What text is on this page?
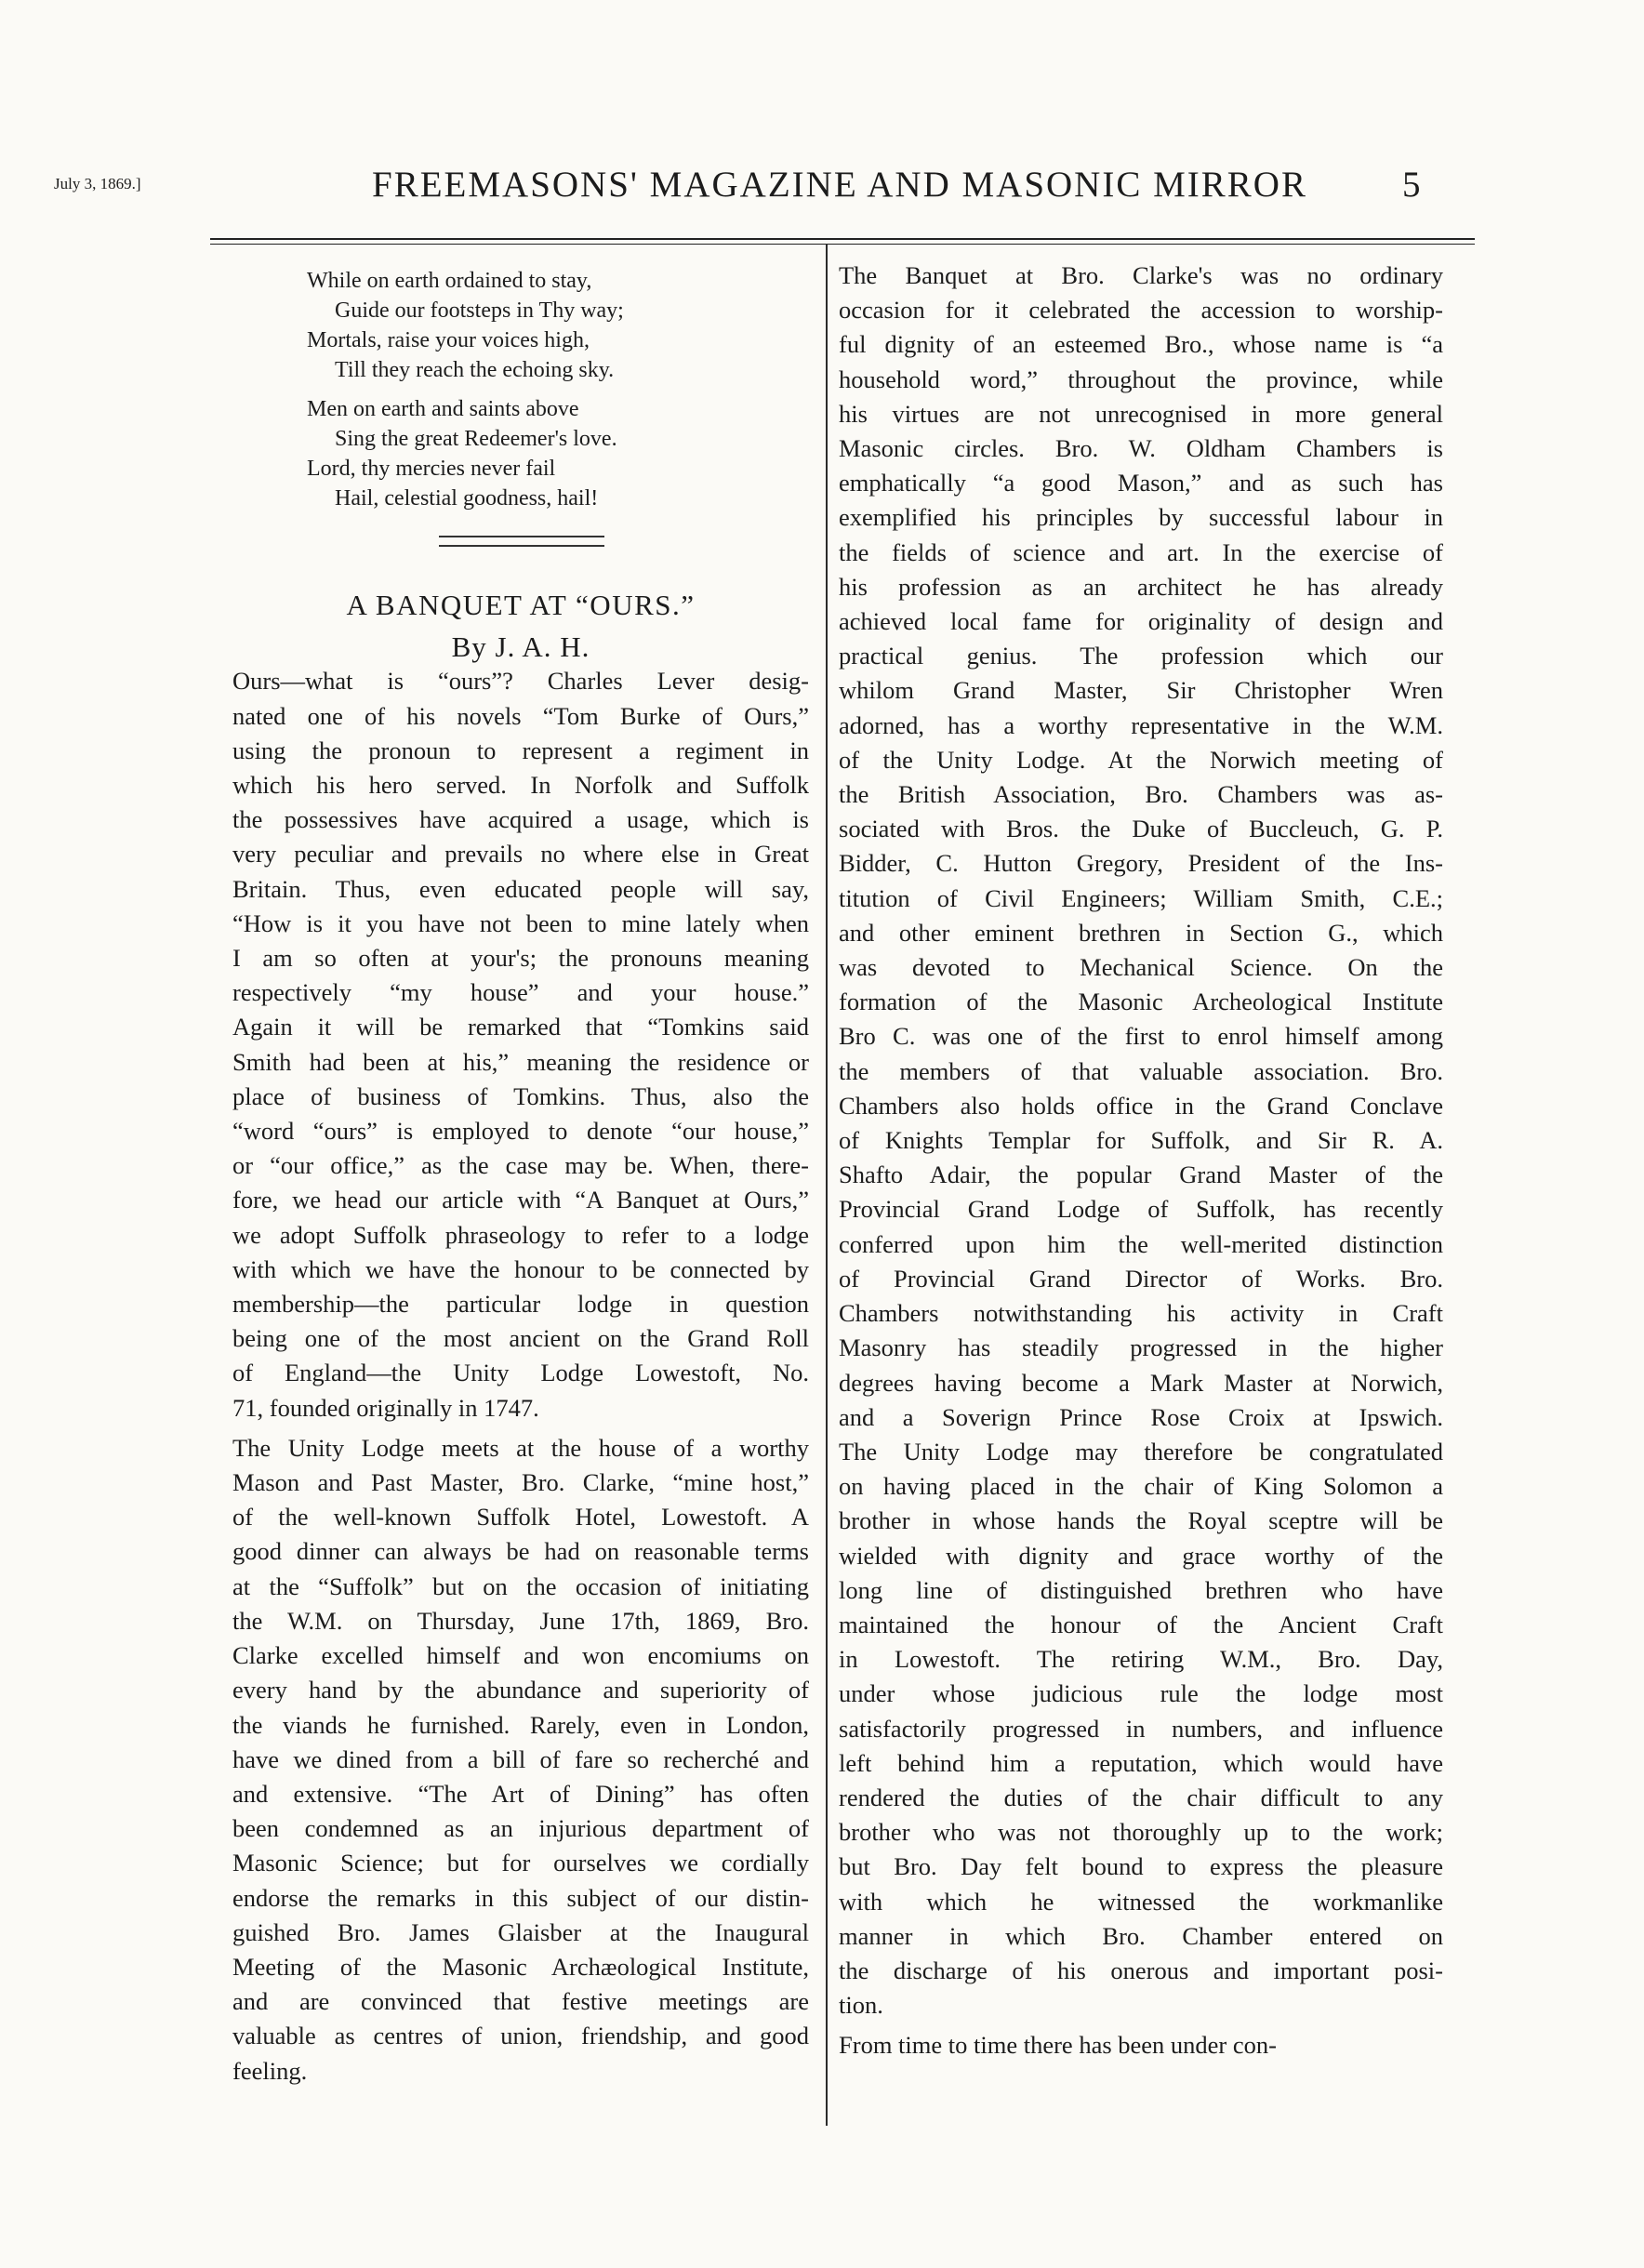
July 3, 1869.]	FREEMASONS' MAGAZINE AND MASONIC MIRROR	5
While on earth ordained to stay,
Guide our footsteps in Thy way;
Mortals, raise your voices high,
Till they reach the echoing sky.
Men on earth and saints above
Sing the great Redeemer's love.
Lord, thy mercies never fail
Hail, celestial goodness, hail!
A BANQUET AT “OURS.”
By J. A. H.
Ours—what is “ours”? Charles Lever desig-
nated one of his novels “Tom Burke of Ours,”
using the pronoun to represent a regiment in
which his hero served. In Norfolk and Suffolk
the possessives have acquired a usage, which is
very peculiar and prevails no where else in Great
Britain. Thus, even educated people will say,
“How is it you have not been to mine lately when
I am so often at your's; the pronouns meaning
respectively “my house” and your house.”
Again it will be remarked that “Tomkins said
Smith had been at his,” meaning the residence or
place of business of Tomkins. Thus, also the
“word “ours” is employed to denote “our house,”
or “our office,” as the case may be. When, there-
fore, we head our article with “A Banquet at Ours,”
we adopt Suffolk phraseology to refer to a lodge
with which we have the honour to be connected by
membership—the particular lodge in question
being one of the most ancient on the Grand Roll
of England—the Unity Lodge Lowestoft, No.
71, founded originally in 1747.
The Unity Lodge meets at the house of a worthy
Mason and Past Master, Bro. Clarke, “mine host,”
of the well-known Suffolk Hotel, Lowestoft. A
good dinner can always be had on reasonable terms
at the “Suffolk” but on the occasion of initiating
the W.M. on Thursday, June 17th, 1869, Bro.
Clarke excelled himself and won encomiums on
every hand by the abundance and superiority of
the viands he furnished. Rarely, even in London,
have we dined from a bill of fare so recherché and
and extensive. “The Art of Dining” has often
been condemned as an injurious department of
Masonic Science; but for ourselves we cordially
endorse the remarks in this subject of our distin-
guished Bro. James Glaisber at the Inaugural
Meeting of the Masonic Archæological Institute,
and are convinced that festive meetings are
valuable as centres of union, friendship, and good
feeling.
The Banquet at Bro. Clarke's was no ordinary
occasion for it celebrated the accession to worship-
ful dignity of an esteemed Bro., whose name is “a
household word,” throughout the province, while
his virtues are not unrecognised in more general
Masonic circles. Bro. W. Oldham Chambers is
emphatically “a good Mason,” and as such has
exemplified his principles by successful labour in
the fields of science and art. In the exercise of
his profession as an architect he has already
achieved local fame for originality of design and
practical genius. The profession which our
whilom Grand Master, Sir Christopher Wren
adorned, has a worthy representative in the W.M.
of the Unity Lodge. At the Norwich meeting of
the British Association, Bro. Chambers was as-
sociated with Bros. the Duke of Buccleuch, G. P.
Bidder, C. Hutton Gregory, President of the Ins-
titution of Civil Engineers; William Smith, C.E.;
and other eminent brethren in Section G., which
was devoted to Mechanical Science. On the
formation of the Masonic Archeological Institute
Bro C. was one of the first to enrol himself among
the members of that valuable association. Bro.
Chambers also holds office in the Grand Conclave
of Knights Templar for Suffolk, and Sir R. A.
Shafto Adair, the popular Grand Master of the
Provincial Grand Lodge of Suffolk, has recently
conferred upon him the well-merited distinction
of Provincial Grand Director of Works. Bro.
Chambers notwithstanding his activity in Craft
Masonry has steadily progressed in the higher
degrees having become a Mark Master at Norwich,
and a Soverign Prince Rose Croix at Ipswich.
The Unity Lodge may therefore be congratulated
on having placed in the chair of King Solomon a
brother in whose hands the Royal sceptre will be
wielded with dignity and grace worthy of the
long line of distinguished brethren who have
maintained the honour of the Ancient Craft
in Lowestoft. The retiring W.M., Bro. Day,
under whose judicious rule the lodge most
satisfactorily progressed in numbers, and influence
left behind him a reputation, which would have
rendered the duties of the chair difficult to any
brother who was not thoroughly up to the work;
but Bro. Day felt bound to express the pleasure
with which he witnessed the workmanlike
manner in which Bro. Chamber entered on
the discharge of his onerous and important posi-
tion.
From time to time there has been under con-
